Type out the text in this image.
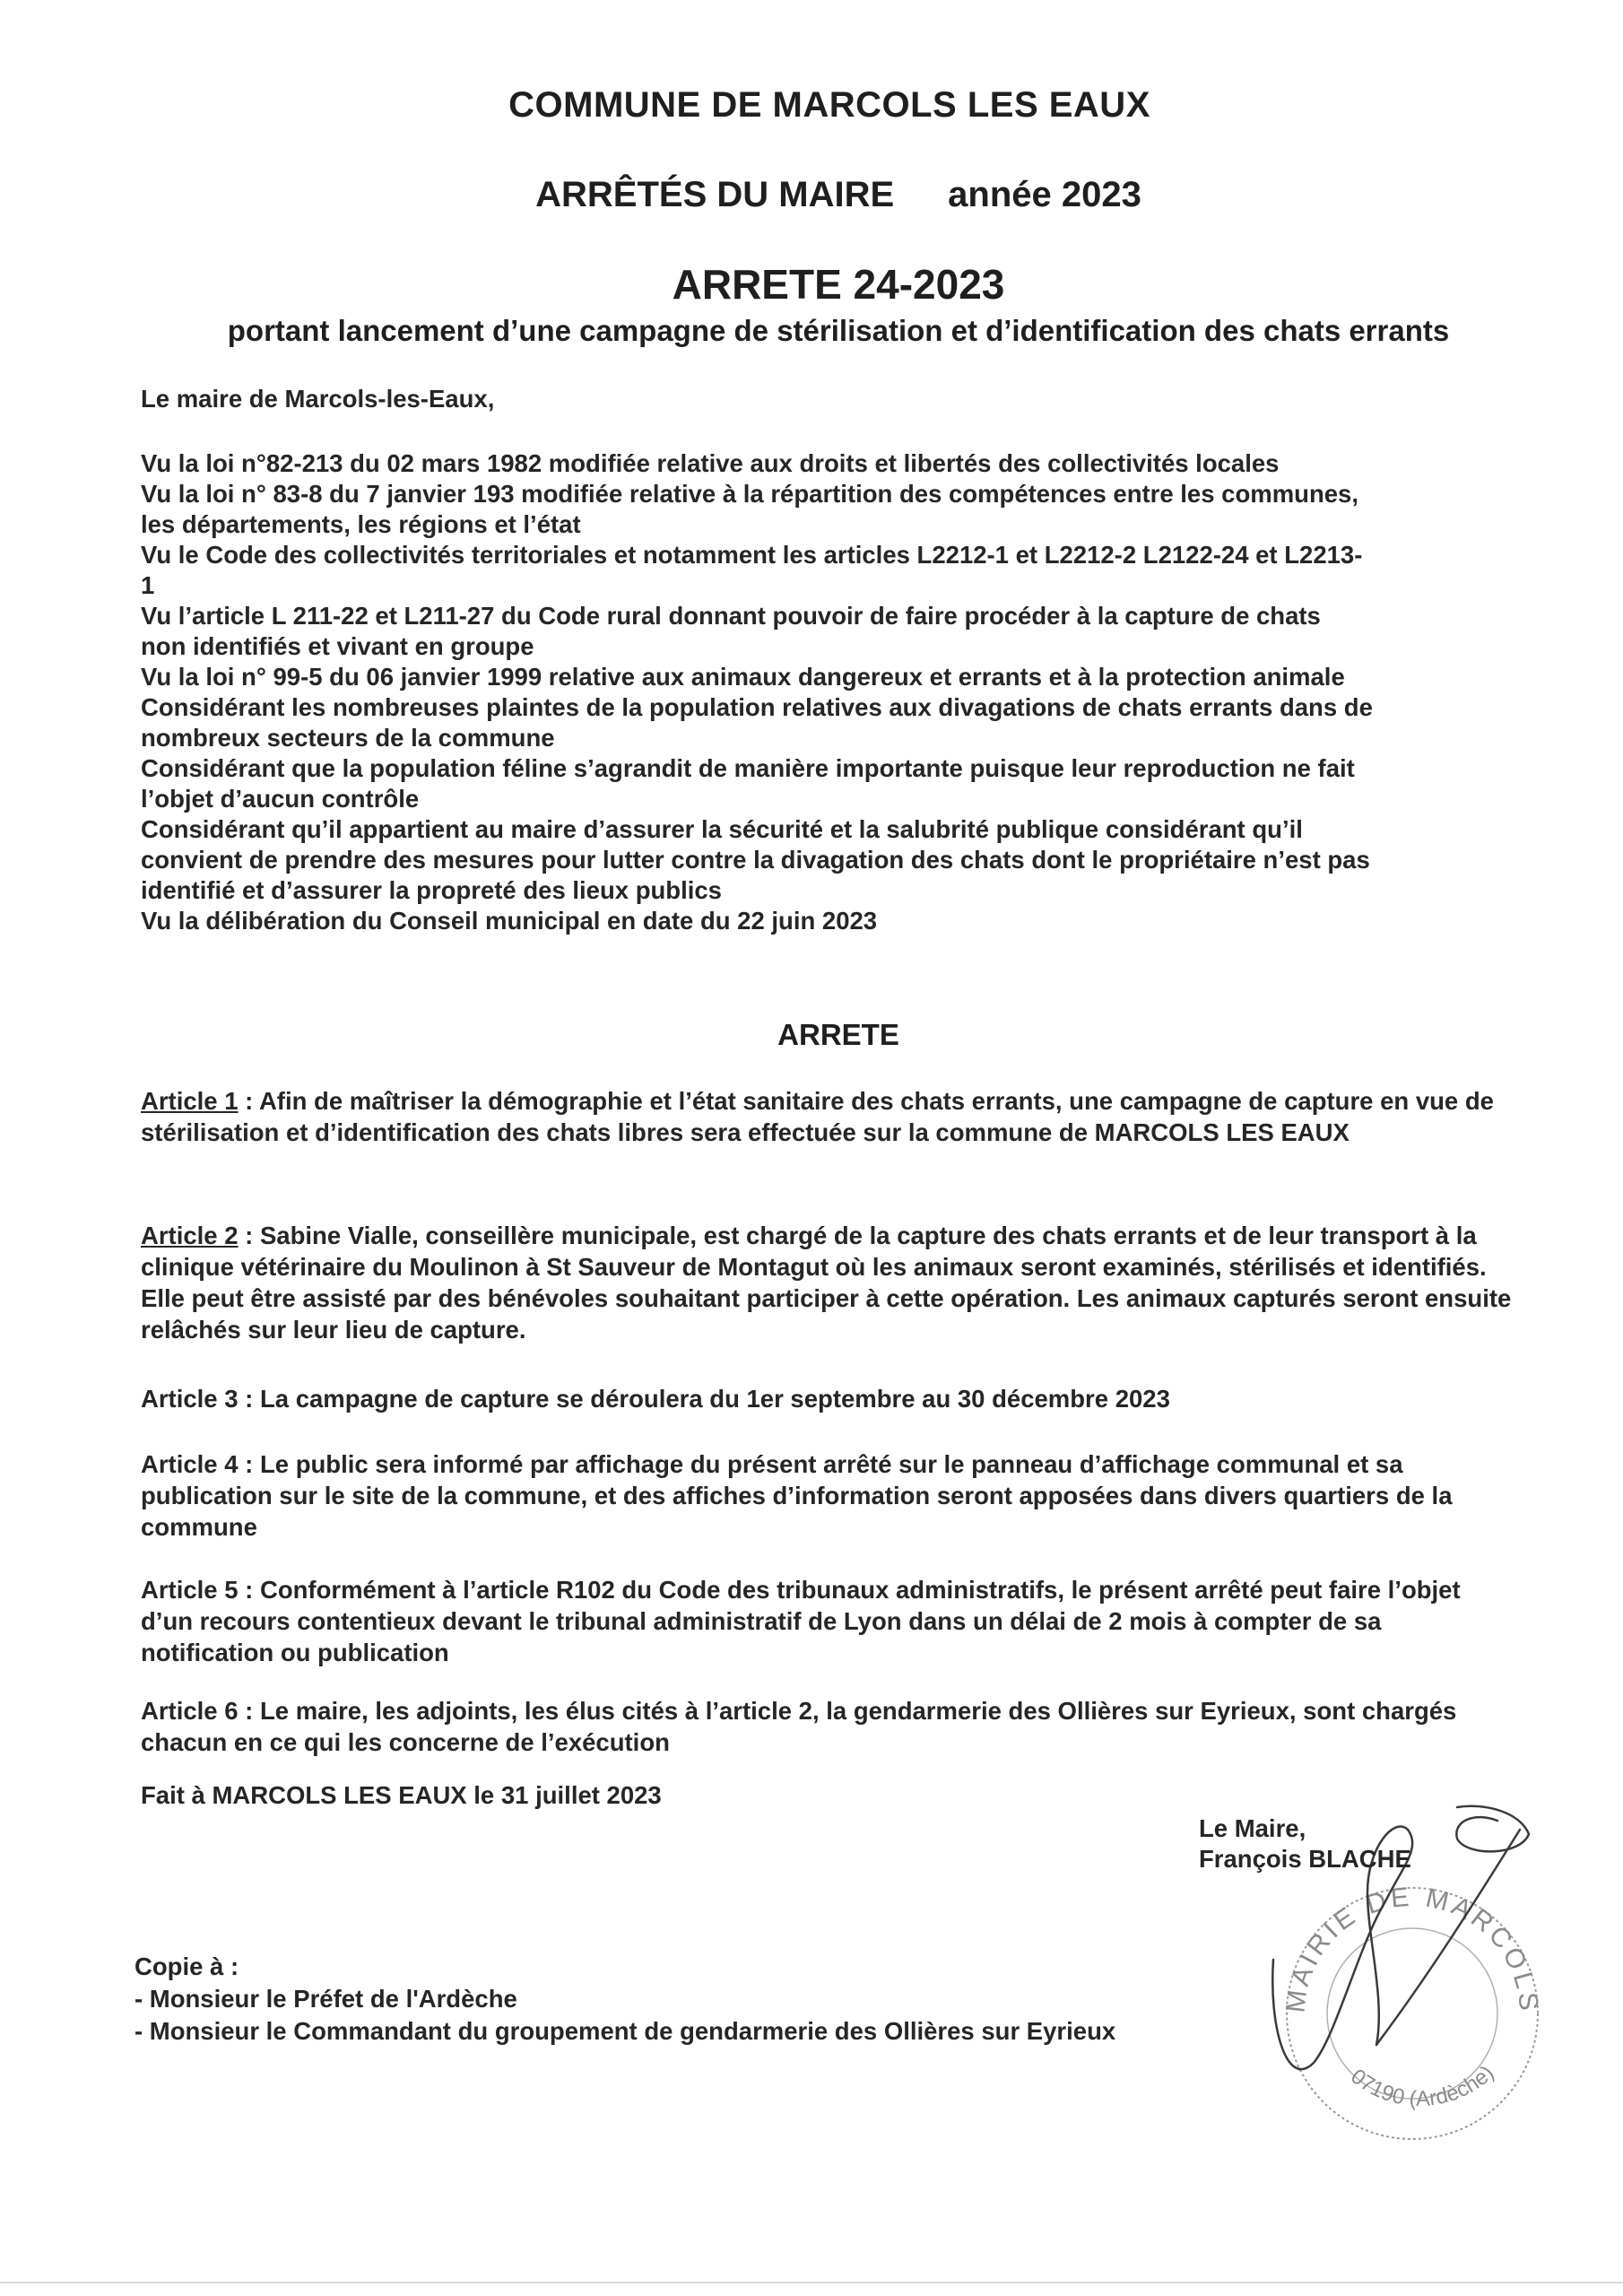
COMMUNE DE MARCOLS LES EAUX
ARRÊTÉS DU MAIRE année 2023
ARRETE 24-2023
portant lancement d’une campagne de stérilisation et d’identification des chats errants
Le maire de Marcols-les-Eaux,

Vu la loi n°82-213 du 02 mars 1982 modifiée relative aux droits et libertés des collectivités locales

Vu la loi n° 83-8 du 7 janvier 193 modifiée relative à la répartition des compétences entre les communes,

les départements, les régions et l’état

Vu le Code des collectivités territoriales et notamment les articles L2212-1 et L2212-2 L2122-24 et L2213-

1

Vu l’article L 211-22 et L211-27 du Code rural donnant pouvoir de faire procéder à la capture de chats

non identifiés et vivant en groupe

Vu la loi n° 99-5 du 06 janvier 1999 relative aux animaux dangereux et errants et à la protection animale

Considérant les nombreuses plaintes de la population relatives aux divagations de chats errants dans de

nombreux secteurs de la commune

Considérant que la population féline s’agrandit de manière importante puisque leur reproduction ne fait

l’objet d’aucun contrôle

Considérant qu’il appartient au maire d’assurer la sécurité et la salubrité publique considérant qu’il

convient de prendre des mesures pour lutter contre la divagation des chats dont le propriétaire n’est pas

identifié et d’assurer la propreté des lieux publics

Vu la délibération du Conseil municipal en date du 22 juin 2023

ARRETE

Article 1 : Afin de maîtriser la démographie et l’état sanitaire des chats errants, une campagne de capture en vue de stérilisation et d’identification des chats libres sera effectuée sur la commune de MARCOLS LES EAUX

Article 2 : Sabine Vialle, conseillère municipale, est chargé de la capture des chats errants et de leur transport à la clinique vétérinaire du Moulinon à St Sauveur de Montagut où les animaux seront examinés, stérilisés et identifiés. Elle peut être assisté par des bénévoles souhaitant participer à cette opération. Les animaux capturés seront ensuite relâchés sur leur lieu de capture.

Article 3 : La campagne de capture se déroulera du 1er septembre au 30 décembre 2023

Article 4 : Le public sera informé par affichage du présent arrêté sur le panneau d’affichage communal et sa publication sur le site de la commune, et des affiches d’information seront apposées dans divers quartiers de la commune

Article 5 : Conformément à l’article R102 du Code des tribunaux administratifs, le présent arrêté peut faire l’objet d’un recours contentieux devant le tribunal administratif de Lyon dans un délai de 2 mois à compter de sa notification ou publication

Article 6 : Le maire, les adjoints, les élus cités à l’article 2, la gendarmerie des Ollières sur Eyrieux, sont chargés chacun en ce qui les concerne de l’exécution

Fait à MARCOLS LES EAUX le 31 juillet 2023
MAIRIE DE MARCOLS
07190 (Ardèche)
Le Maire,
François BLACHE
Copie à :
- Monsieur le Préfet de l'Ardèche
- Monsieur le Commandant du groupement de gendarmerie des Ollières sur Eyrieux
